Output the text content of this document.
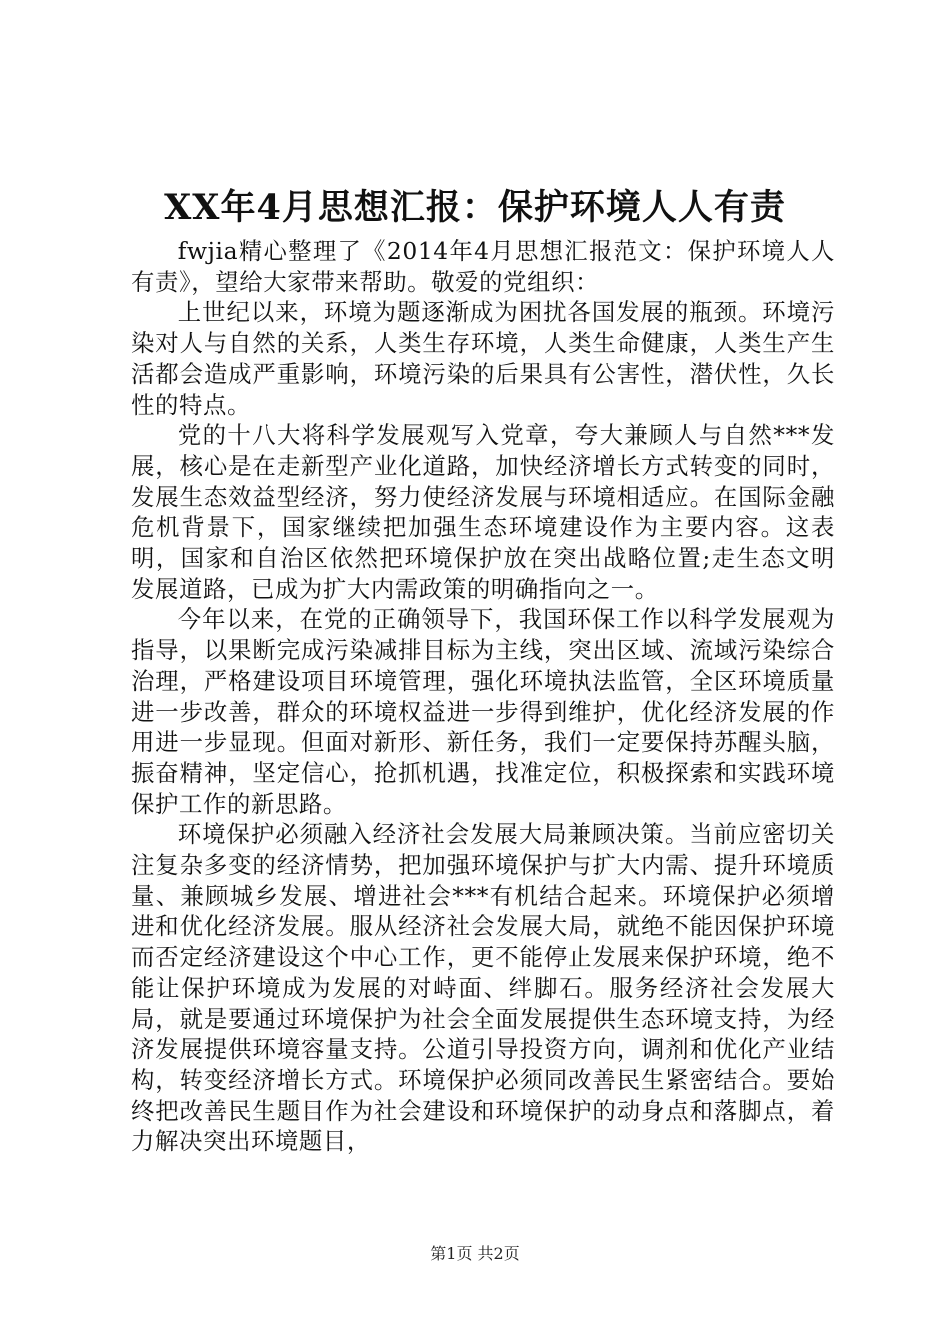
XX年4月思想汇报：保护环境人人有责

fwjia精心整理了《2014年4月思想汇报范文：保护环境人人有责》，望给大家带来帮助。敬爱的党组织：

上世纪以来，环境为题逐渐成为困扰各国发展的瓶颈。环境污染对人与自然的关系，人类生存环境，人类生命健康，人类生产生活都会造成严重影响，环境污染的后果具有公害性，潜伏性，久长性的特点。

党的十八大将科学发展观写入党章，夸大兼顾人与自然***发展，核心是在走新型产业化道路，加快经济增长方式转变的同时，发展生态效益型经济，努力使经济发展与环境相适应。在国际金融危机背景下，国家继续把加强生态环境建设作为主要内容。这表明，国家和自治区依然把环境保护放在突出战略位置;走生态文明发展道路，已成为扩大内需政策的明确指向之一。

今年以来，在党的正确领导下，我国环保工作以科学发展观为指导，以果断完成污染减排目标为主线，突出区域、流域污染综合治理，严格建设项目环境管理，强化环境执法监管，全区环境质量进一步改善，群众的环境权益进一步得到维护，优化经济发展的作用进一步显现。但面对新形、新任务，我们一定要保持苏醒头脑，振奋精神，坚定信心，抢抓机遇，找准定位，积极探索和实践环境保护工作的新思路。

环境保护必须融入经济社会发展大局兼顾决策。当前应密切关注复杂多变的经济情势，把加强环境保护与扩大内需、提升环境质量、兼顾城乡发展、增进社会***有机结合起来。环境保护必须增进和优化经济发展。服从经济社会发展大局，就绝不能因保护环境而否定经济建设这个中心工作，更不能停止发展来保护环境，绝不能让保护环境成为发展的对峙面、绊脚石。服务经济社会发展大局，就是要通过环境保护为社会全面发展提供生态环境支持，为经济发展提供环境容量支持。公道引导投资方向，调剂和优化产业结构，转变经济增长方式。环境保护必须同改善民生紧密结合。要始终把改善民生题目作为社会建设和环境保护的动身点和落脚点，着力解决突出环境题目，

第1页 共2页
